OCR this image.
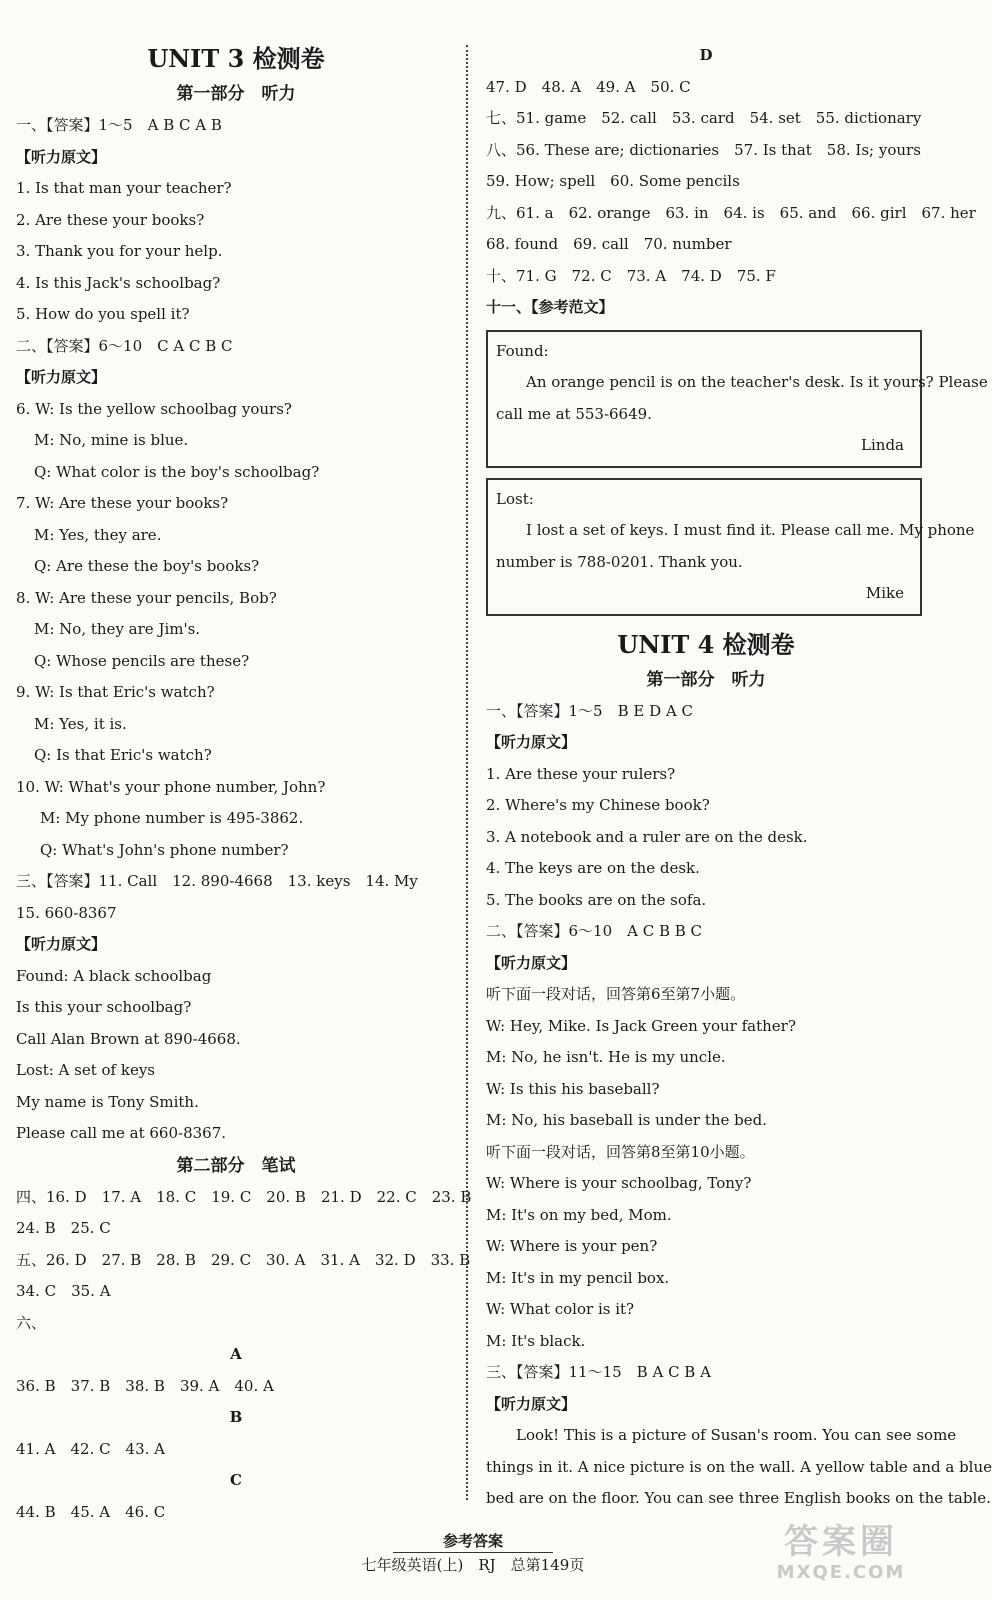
UNIT 3 检测卷
第一部分　听力
一、【答案】1～5　A B C A B
【听力原文】
1. Is that man your teacher?
2. Are these your books?
3. Thank you for your help.
4. Is this Jack's schoolbag?
5. How do you spell it?
二、【答案】6～10　C A C B C
【听力原文】
6. W: Is the yellow schoolbag yours?
M: No, mine is blue.
Q: What color is the boy's schoolbag?
7. W: Are these your books?
M: Yes, they are.
Q: Are these the boy's books?
8. W: Are these your pencils, Bob?
M: No, they are Jim's.
Q: Whose pencils are these?
9. W: Is that Eric's watch?
M: Yes, it is.
Q: Is that Eric's watch?
10. W: What's your phone number, John?
M: My phone number is 495-3862.
Q: What's John's phone number?
三、【答案】11. Call　12. 890-4668　13. keys　14. My
15. 660-8367
【听力原文】
Found: A black schoolbag
Is this your schoolbag?
Call Alan Brown at 890-4668.
Lost: A set of keys
My name is Tony Smith.
Please call me at 660-8367.
第二部分　笔试
四、16. D　17. A　18. C　19. C　20. B　21. D　22. C　23. B
24. B　25. C
五、26. D　27. B　28. B　29. C　30. A　31. A　32. D　33. B
34. C　35. A
六、
A
36. B　37. B　38. B　39. A　40. A
B
41. A　42. C　43. A
C
44. B　45. A　46. C
D
47. D　48. A　49. A　50. C
七、51. game　52. call　53. card　54. set　55. dictionary
八、56. These are; dictionaries　57. Is that　58. Is; yours
59. How; spell　60. Some pencils
九、61. a　62. orange　63. in　64. is　65. and　66. girl　67. her
68. found　69. call　70. number
十、71. G　72. C　73. A　74. D　75. F
十一、【参考范文】
Found:
An orange pencil is on the teacher's desk. Is it yours? Please
call me at 553-6649.
Linda
Lost:
I lost a set of keys. I must find it. Please call me. My phone
number is 788-0201. Thank you.
Mike
UNIT 4 检测卷
第一部分　听力
一、【答案】1～5　B E D A C
【听力原文】
1. Are these your rulers?
2. Where's my Chinese book?
3. A notebook and a ruler are on the desk.
4. The keys are on the desk.
5. The books are on the sofa.
二、【答案】6～10　A C B B C
【听力原文】
听下面一段对话，回答第6至第7小题。
W: Hey, Mike. Is Jack Green your father?
M: No, he isn't. He is my uncle.
W: Is this his baseball?
M: No, his baseball is under the bed.
听下面一段对话，回答第8至第10小题。
W: Where is your schoolbag, Tony?
M: It's on my bed, Mom.
W: Where is your pen?
M: It's in my pencil box.
W: What color is it?
M: It's black.
三、【答案】11～15　B A C B A
【听力原文】
Look! This is a picture of Susan's room. You can see some
things in it. A nice picture is on the wall. A yellow table and a blue
bed are on the floor. You can see three English books on the table.
参考答案
七年级英语(上)　RJ　总第149页
答案圈
MXQE.COM
